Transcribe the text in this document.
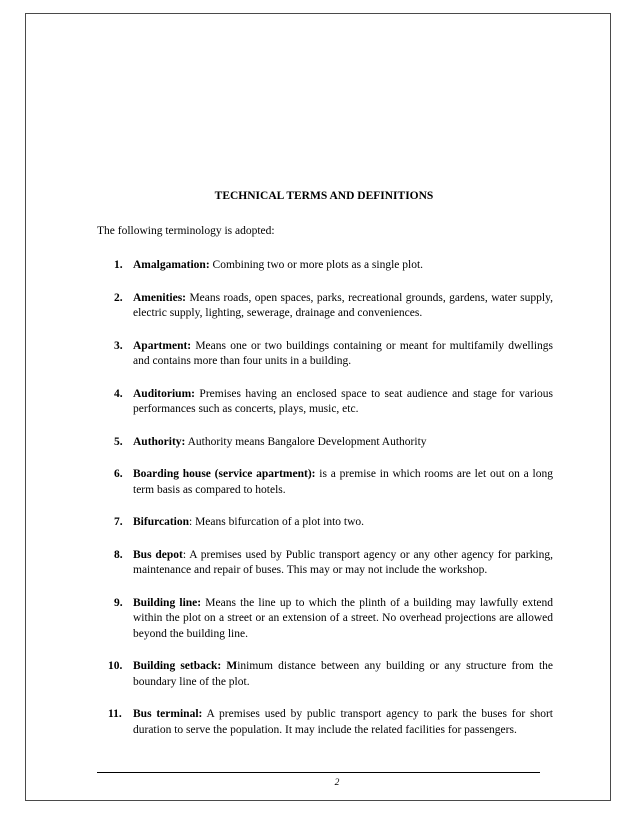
TECHNICAL TERMS AND DEFINITIONS
The following terminology is adopted:
1. Amalgamation: Combining two or more plots as a single plot.
2. Amenities: Means roads, open spaces, parks, recreational grounds, gardens, water supply, electric supply, lighting, sewerage, drainage and conveniences.
3. Apartment: Means one or two buildings containing or meant for multifamily dwellings and contains more than four units in a building.
4. Auditorium: Premises having an enclosed space to seat audience and stage for various performances such as concerts, plays, music, etc.
5. Authority: Authority means Bangalore Development Authority
6. Boarding house (service apartment): is a premise in which rooms are let out on a long term basis as compared to hotels.
7. Bifurcation: Means bifurcation of a plot into two.
8. Bus depot: A premises used by Public transport agency or any other agency for parking, maintenance and repair of buses. This may or may not include the workshop.
9. Building line: Means the line up to which the plinth of a building may lawfully extend within the plot on a street or an extension of a street. No overhead projections are allowed beyond the building line.
10. Building setback: Minimum distance between any building or any structure from the boundary line of the plot.
11. Bus terminal: A premises used by public transport agency to park the buses for short duration to serve the population. It may include the related facilities for passengers.
2
